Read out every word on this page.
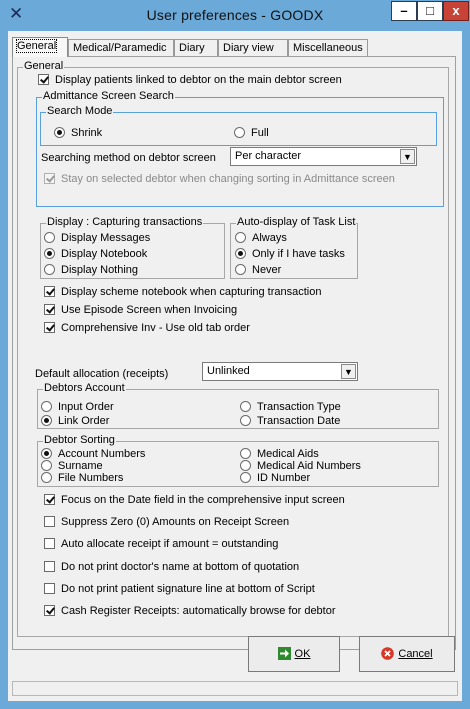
✕	User preferences - GOODX	–	□	x
General	Medical/Paramedic	Diary	Diary view	Miscellaneous
General
Display patients linked to debtor on the main debtor screen
Admittance Screen Search
Search Mode
Shrink	Full
Searching method on debtor screen	Per character	▼
Stay on selected debtor when changing sorting in Admittance screen
Display : Capturing transactions
Display Messages
Display Notebook
Display Nothing
Auto-display of Task List
Always
Only if I have tasks
Never
Display scheme notebook when capturing transaction
Use Episode Screen when Invoicing
Comprehensive Inv - Use old tab order
Default allocation (receipts)	Unlinked	▼
Debtors Account
Input Order
Link Order
Transaction Type
Transaction Date
Debtor Sorting
Account Numbers
Surname
File Numbers
Medical Aids
Medical Aid Numbers
ID Number
Focus on the Date field in the comprehensive input screen
Suppress Zero (0) Amounts on Receipt Screen
Auto allocate receipt if amount = outstanding
Do not print doctor's name at bottom of quotation
Do not print patient signature line at bottom of Script
Cash Register Receipts: automatically browse for debtor
OK	Cancel
